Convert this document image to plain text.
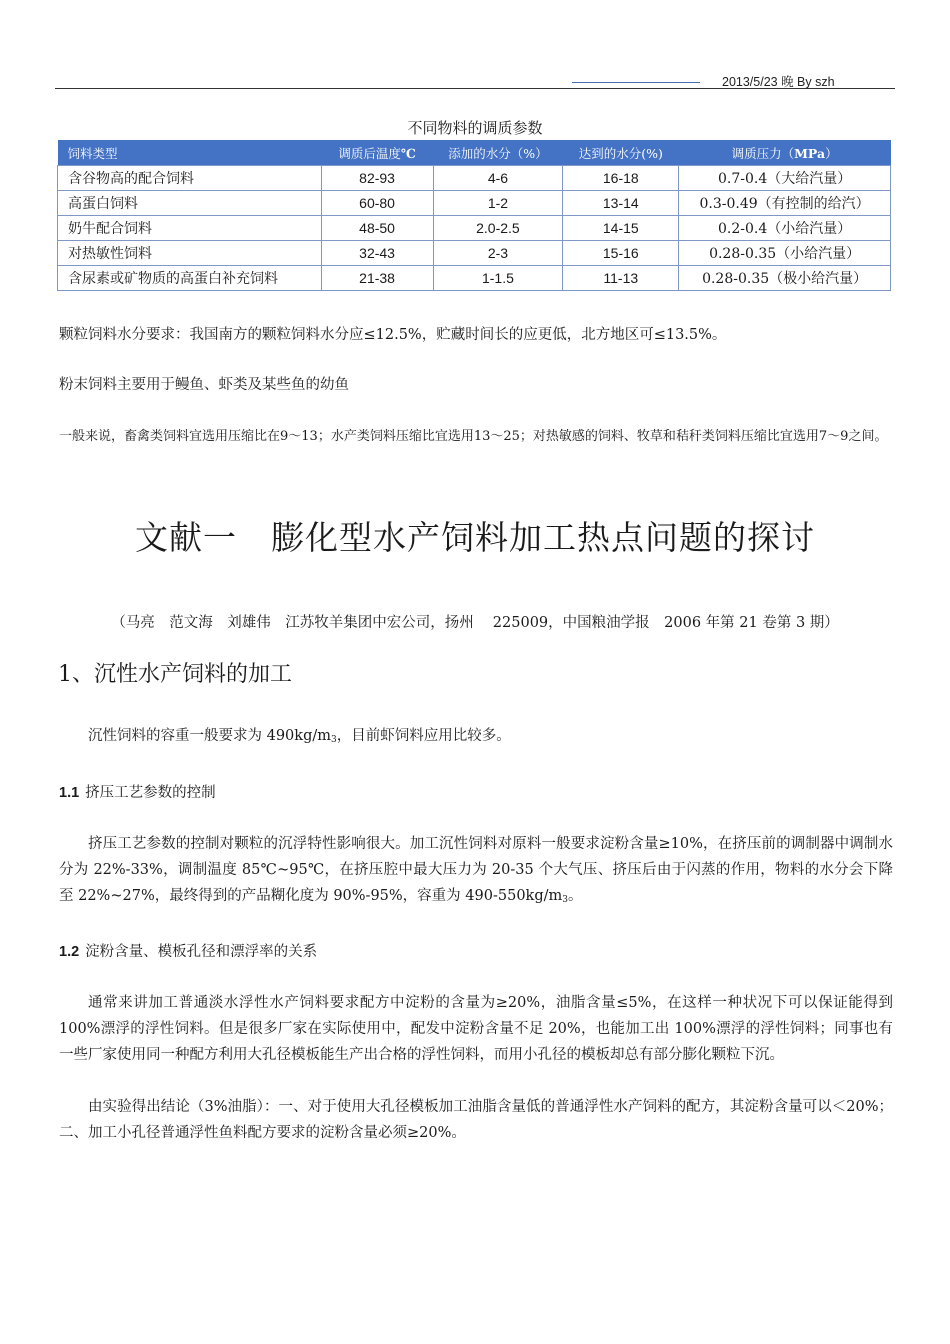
2013/5/23 晚 By szh
不同物料的调质参数
饲料类型	调质后温度℃	添加的水分（%）	达到的水分(%)	调质压力（MPa）
含谷物高的配合饲料	82-93	4-6	16-18	0.7-0.4（大给汽量）
高蛋白饲料	60-80	1-2	13-14	0.3-0.49（有控制的给汽）
奶牛配合饲料	48-50	2.0-2.5	14-15	0.2-0.4（小给汽量）
对热敏性饲料	32-43	2-3	15-16	0.28-0.35（小给汽量）
含尿素或矿物质的高蛋白补充饲料	21-38	1-1.5	11-13	0.28-0.35（极小给汽量）
颗粒饲料水分要求：我国南方的颗粒饲料水分应≤12.5%，贮藏时间长的应更低，北方地区可≤13.5%。
粉末饲料主要用于鳗鱼、虾类及某些鱼的幼鱼
一般来说，畜禽类饲料宜选用压缩比在9～13；水产类饲料压缩比宜选用13～25；对热敏感的饲料、牧草和秸秆类饲料压缩比宜选用7～9之间。
文献一　膨化型水产饲料加工热点问题的探讨
（马亮　范文海　刘雄伟　江苏牧羊集团中宏公司，扬州　 225009，中国粮油学报　2006 年第 21 卷第 3 期）
1、沉性水产饲料的加工
沉性饲料的容重一般要求为 $490kg/m_3$，目前虾饲料应用比较多。
1.1 挤压工艺参数的控制
挤压工艺参数的控制对颗粒的沉浮特性影响很大。加工沉性饲料对原料一般要求淀粉含量≥10%，在挤压前的调制器中调制水分为 22%-33%，调制温度 85℃~95℃，在挤压腔中最大压力为 20-35 个大气压、挤压后由于闪蒸的作用，物料的水分会下降至 22%~27%，最终得到的产品糊化度为 90%-95%，容重为 $490-550kg/m_3$。
1.2 淀粉含量、模板孔径和漂浮率的关系
通常来讲加工普通淡水浮性水产饲料要求配方中淀粉的含量为≥20%，油脂含量≤5%，在这样一种状况下可以保证能得到 100%漂浮的浮性饲料。但是很多厂家在实际使用中，配发中淀粉含量不足 20%，也能加工出 100%漂浮的浮性饲料；同事也有一些厂家使用同一种配方利用大孔径模板能生产出合格的浮性饲料，而用小孔径的模板却总有部分膨化颗粒下沉。
由实验得出结论（3%油脂）：一、对于使用大孔径模板加工油脂含量低的普通浮性水产饲料的配方，其淀粉含量可以＜20%；二、加工小孔径普通浮性鱼料配方要求的淀粉含量必须≥20%。
